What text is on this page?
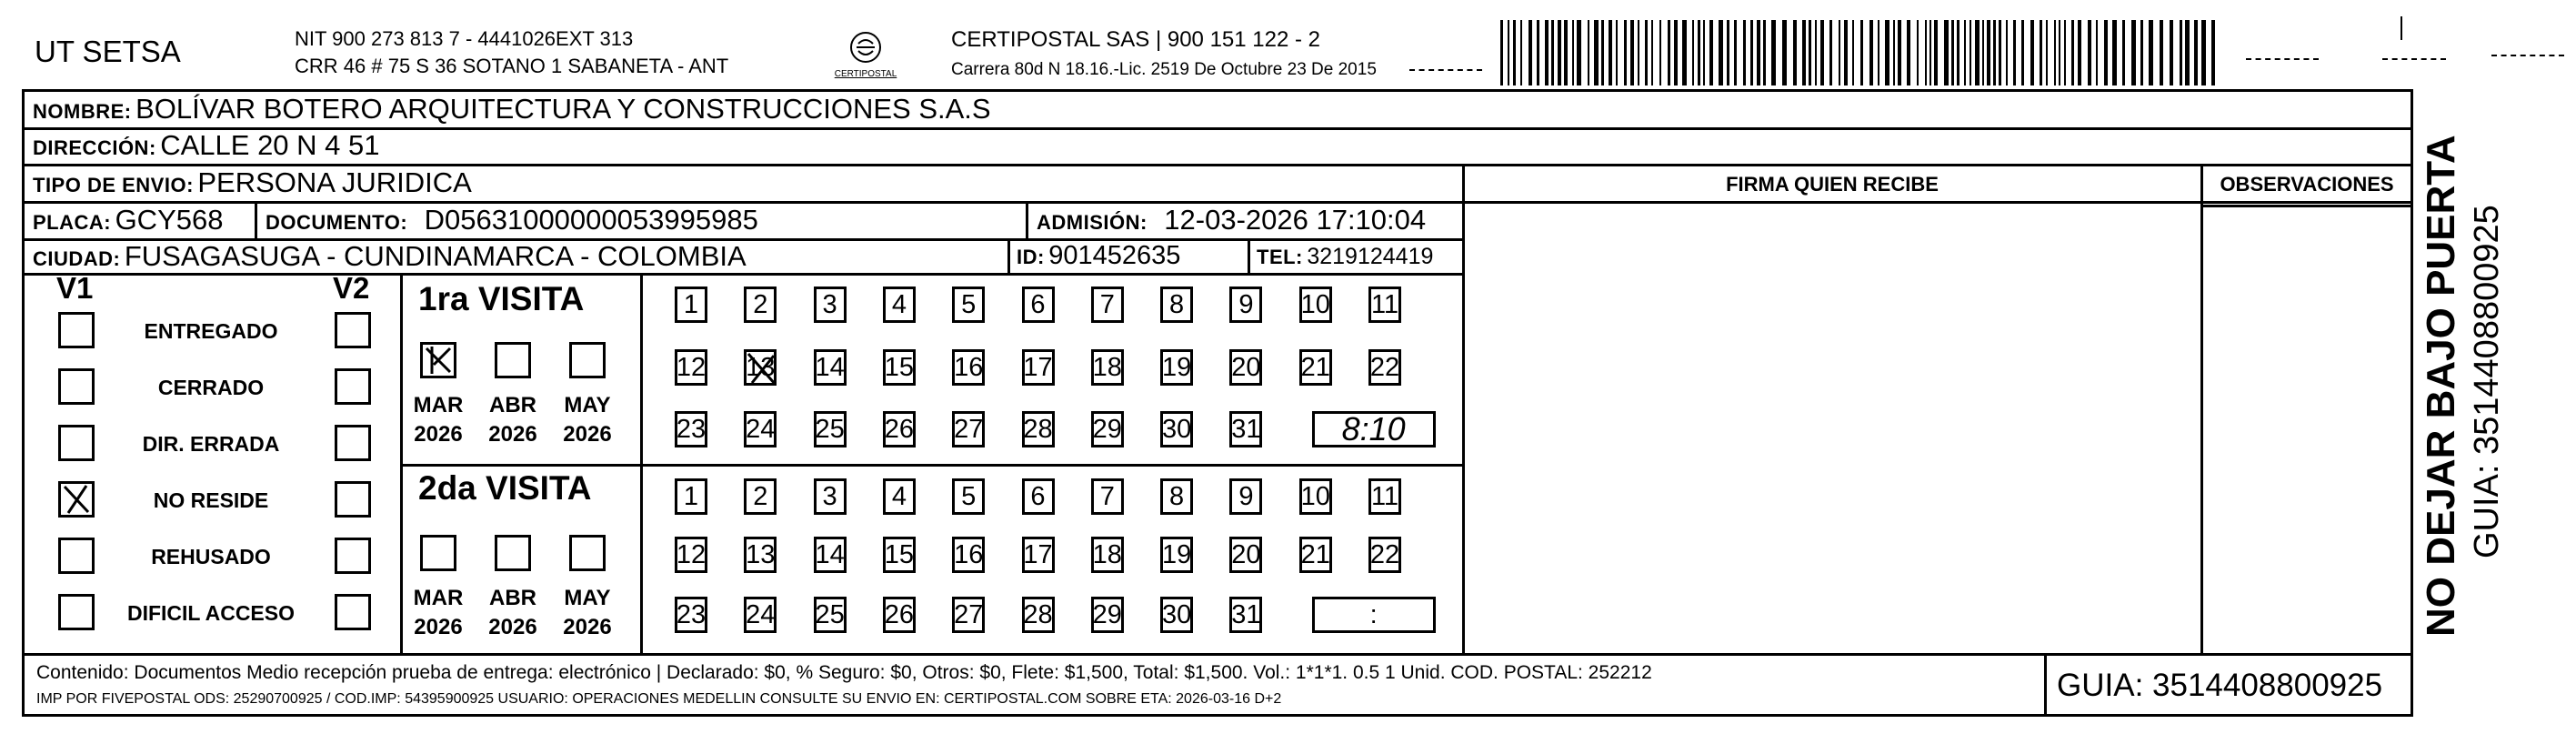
UT SETSA	NIT 900 273 813 7 - 4441026EXT 313
CRR 46 # 75 S 36 SOTANO 1 SABANETA - ANT	CERTIPOSTAL
CERTIPOSTAL SAS | 900 151 122 - 2
Carrera 80d N 18.16.-Lic. 2519 De Octubre 23 De 2015
NOMBRE: BOLÍVAR BOTERO ARQUITECTURA Y CONSTRUCCIONES S.A.S
DIRECCIÓN: CALLE 20 N 4 51
TIPO DE ENVIO: PERSONA JURIDICA	FIRMA QUIEN RECIBE	OBSERVACIONES
PLACA: GCY568 DOCUMENTO: D05631000000053995985	ADMISIÓN: 12-03-2026 17:10:04
CIUDAD: FUSAGASUGA - CUNDINAMARCA - COLOMBIA	ID: 901452635	TEL: 3219124419
V1	V2
ENTREGADO
CERRADO
DIR. ERRADA
NO RESIDE
REHUSADO
DIFICIL ACCESO
1ra VISITA
MAR
2026
ABR
2026
MAY
2026
1	2	3	4	5	6	7	8	9	10 11
12 13 14 15 16 17 18 19 20 21 22
23 24 25 26 27 28 29 30 31	8:10
2da VISITA
MAR
2026
ABR
2026
MAY
2026
1	2	3	4	5	6	7	8	9	10 11
12 13 14 15 16 17 18 19 20 21 22
23 24 25 26 27 28 29 30 31	:
Contenido: Documentos Medio recepción prueba de entrega: electrónico | Declarado: $0, % Seguro: $0, Otros: $0, Flete: $1,500, Total: $1,500. Vol.: 1*1*1. 0.5 1 Unid. COD. POSTAL: 252212
IMP POR FIVEPOSTAL ODS: 25290700925 / COD.IMP: 54395900925 USUARIO: OPERACIONES MEDELLIN CONSULTE SU ENVIO EN: CERTIPOSTAL.COM SOBRE ETA: 2026-03-16 D+2	GUIA: 3514408800925
NO DEJAR BAJO PUERTA GUIA: 3514408800925
